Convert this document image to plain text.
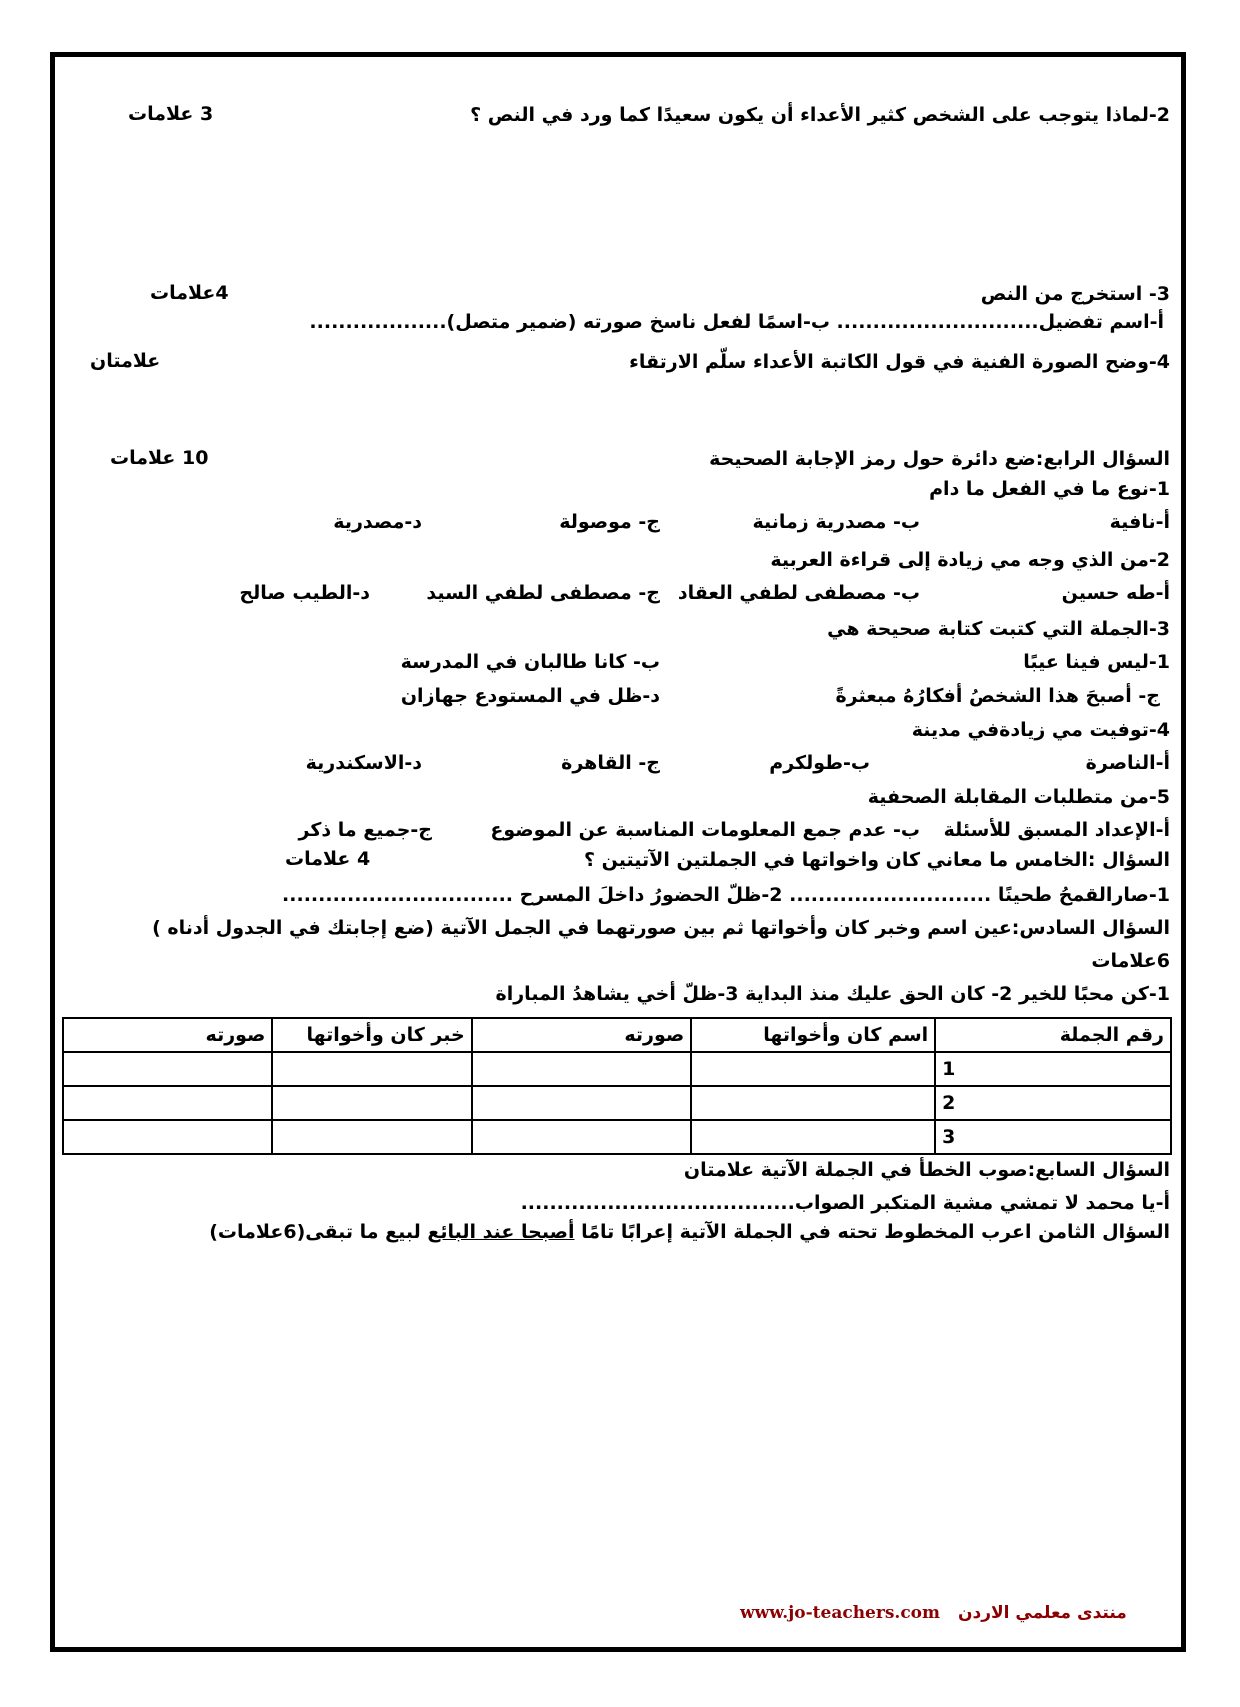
2-لماذا يتوجب على الشخص كثير الأعداء أن يكون سعيدًا كما ورد في النص ؟
3 علامات
3- استخرج من النص
4علامات
أ-اسم تفضيل............................ ب-اسمًا لفعل ناسخ صورته (ضمير متصل)...................
4-وضح الصورة الفنية في قول الكاتبة الأعداء سلّم الارتقاء
علامتان
السؤال الرابع:ضع دائرة حول رمز الإجابة الصحيحة
10 علامات
1-نوع ما في الفعل ما دام
أ-نافية
ب- مصدرية زمانية
ج- موصولة
د-مصدرية
2-من الذي وجه مي زيادة إلى قراءة العربية
أ-طه حسين
ب- مصطفى لطفي العقاد
ج- مصطفى لطفي السيد
د-الطيب صالح
3-الجملة التي كتبت كتابة صحيحة هي
1-ليس فينا عيبًا
ب- كانا طالبان في المدرسة
ج- أصبحَ هذا الشخصُ أفكارُهُ مبعثرةً
د-ظل في المستودع جهازان
4-توفيت مي زيادةفي مدينة
أ-الناصرة
ب-طولكرم
ج- القاهرة
د-الاسكندرية
5-من متطلبات المقابلة الصحفية
أ-الإعداد المسبق للأسئلة
ب- عدم جمع المعلومات المناسبة عن الموضوع
ج-جميع ما ذكر
السؤال :الخامس ما معاني كان واخواتها في الجملتين الآتيتين ؟
4 علامات
1-صارالقمحُ طحينًا ............................ 2-ظلّ الحضورُ داخلَ المسرح ................................
السؤال السادس:عين اسم وخبر كان وأخواتها ثم بين صورتهما في الجمل الآتية (ضع إجابتك في الجدول أدناه )
6علامات
1-كن محبًا للخير 2- كان الحق عليك منذ البداية 3-ظلّ أخي يشاهدُ المباراة
رقم الجملة	اسم كان وأخواتها	صورته	خبر كان وأخواتها	صورته
1				
2				
3				
السؤال السابع:صوب الخطأ في الجملة الآتية علامتان
أ-يا محمد لا تمشي مشية المتكبر الصواب......................................
السؤال الثامن اعرب المخطوط تحته في الجملة الآتية إعرابًا تامًا أصبحا عند البائع لبيع ما تبقى(6علامات)
www.jo-teachers.com منتدى معلمي الاردن
